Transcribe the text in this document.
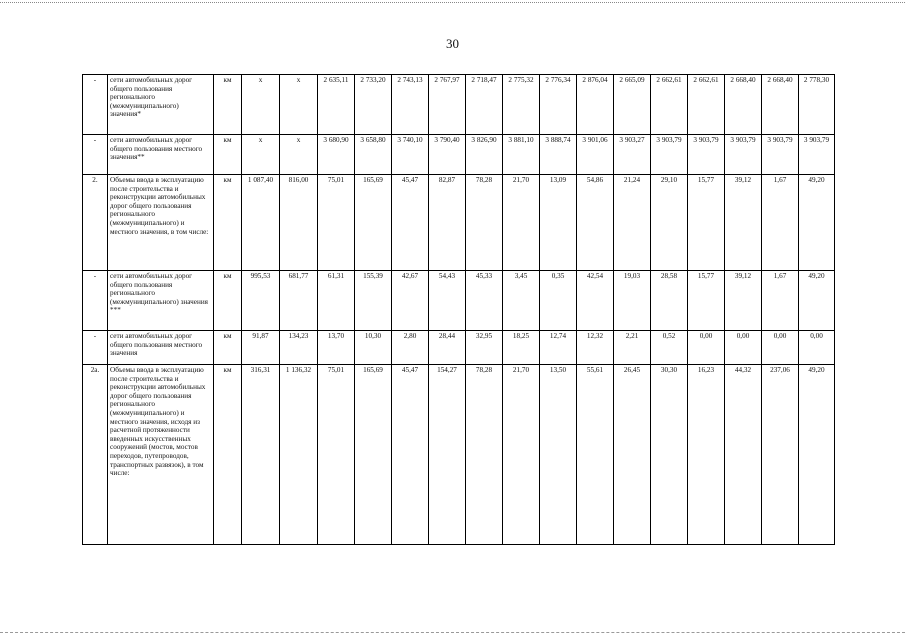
30
-	сети автомобильных дорог общего пользования регионального (межмуниципального) значения*	км	х	х	2 635,11	2 733,20	2 743,13	2 767,97	2 718,47	2 775,32	2 776,34	2 876,04	2 665,09	2 662,61	2 662,61	2 668,40	2 668,40	2 778,30
-	сети автомобильных дорог общего пользования местного значения**	км	х	х	3 680,90	3 658,80	3 740,10	3 790,40	3 826,90	3 881,10	3 888,74	3 901,06	3 903,27	3 903,79	3 903,79	3 903,79	3 903,79	3 903,79
2.	Объемы ввода в эксплуатацию после строительства и реконструкции автомобильных дорог общего пользования регионального (межмуниципального) и местного значения, в том числе:	км	1 087,40	816,00	75,01	165,69	45,47	82,87	78,28	21,70	13,09	54,86	21,24	29,10	15,77	39,12	1,67	49,20
-	сети автомобильных дорог общего пользования регионального (межмуниципального) значения ***	км	995,53	681,77	61,31	155,39	42,67	54,43	45,33	3,45	0,35	42,54	19,03	28,58	15,77	39,12	1,67	49,20
-	сети автомобильных дорог общего пользования местного значения	км	91,87	134,23	13,70	10,30	2,80	28,44	32,95	18,25	12,74	12,32	2,21	0,52	0,00	0,00	0,00	0,00
2а.	Объемы ввода в эксплуатацию после строительства и реконструкции автомобильных дорог общего пользования регионального (межмуниципального) и местного значения, исходя из расчетной протяженности введенных искусственных сооружений (мостов, мостов переходов, путепроводов, транспортных развязок), в том числе:	км	316,31	1 136,32	75,01	165,69	45,47	154,27	78,28	21,70	13,50	55,61	26,45	30,30	16,23	44,32	237,06	49,20
